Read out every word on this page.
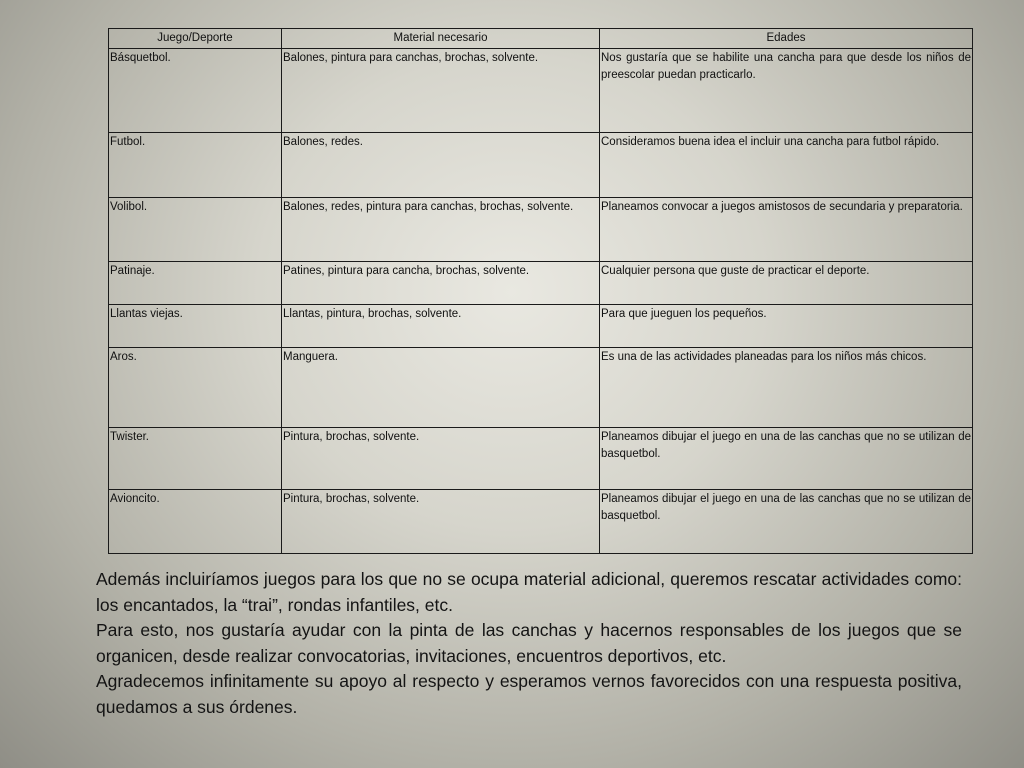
Juego/Deporte	Material necesario	Edades
Básquetbol.	Balones, pintura para canchas, brochas, solvente.	Nos gustaría que se habilite una cancha para que desde los niños de preescolar puedan practicarlo.
Futbol.	Balones, redes.	Consideramos buena idea el incluir una cancha para futbol rápido.
Volibol.	Balones, redes, pintura para canchas, brochas, solvente.	Planeamos convocar a juegos amistosos de secundaria y preparatoria.
Patinaje.	Patines, pintura para cancha, brochas, solvente.	Cualquier persona que guste de practicar el deporte.
Llantas viejas.	Llantas, pintura, brochas, solvente.	Para que jueguen los pequeños.
Aros.	Manguera.	Es una de las actividades planeadas para los niños más chicos.
Twister.	Pintura, brochas, solvente.	Planeamos dibujar el juego en una de las canchas que no se utilizan de basquetbol.
Avioncito.	Pintura, brochas, solvente.	Planeamos dibujar el juego en una de las canchas que no se utilizan de basquetbol.

Además incluiríamos juegos para los que no se ocupa material adicional, queremos rescatar actividades como: los encantados, la “trai”, rondas infantiles, etc.

Para esto, nos gustaría ayudar con la pinta de las canchas y hacernos responsables de los juegos que se organicen, desde realizar convocatorias, invitaciones, encuentros deportivos, etc.

Agradecemos infinitamente su apoyo al respecto y esperamos vernos favorecidos con una respuesta positiva, quedamos a sus órdenes.
